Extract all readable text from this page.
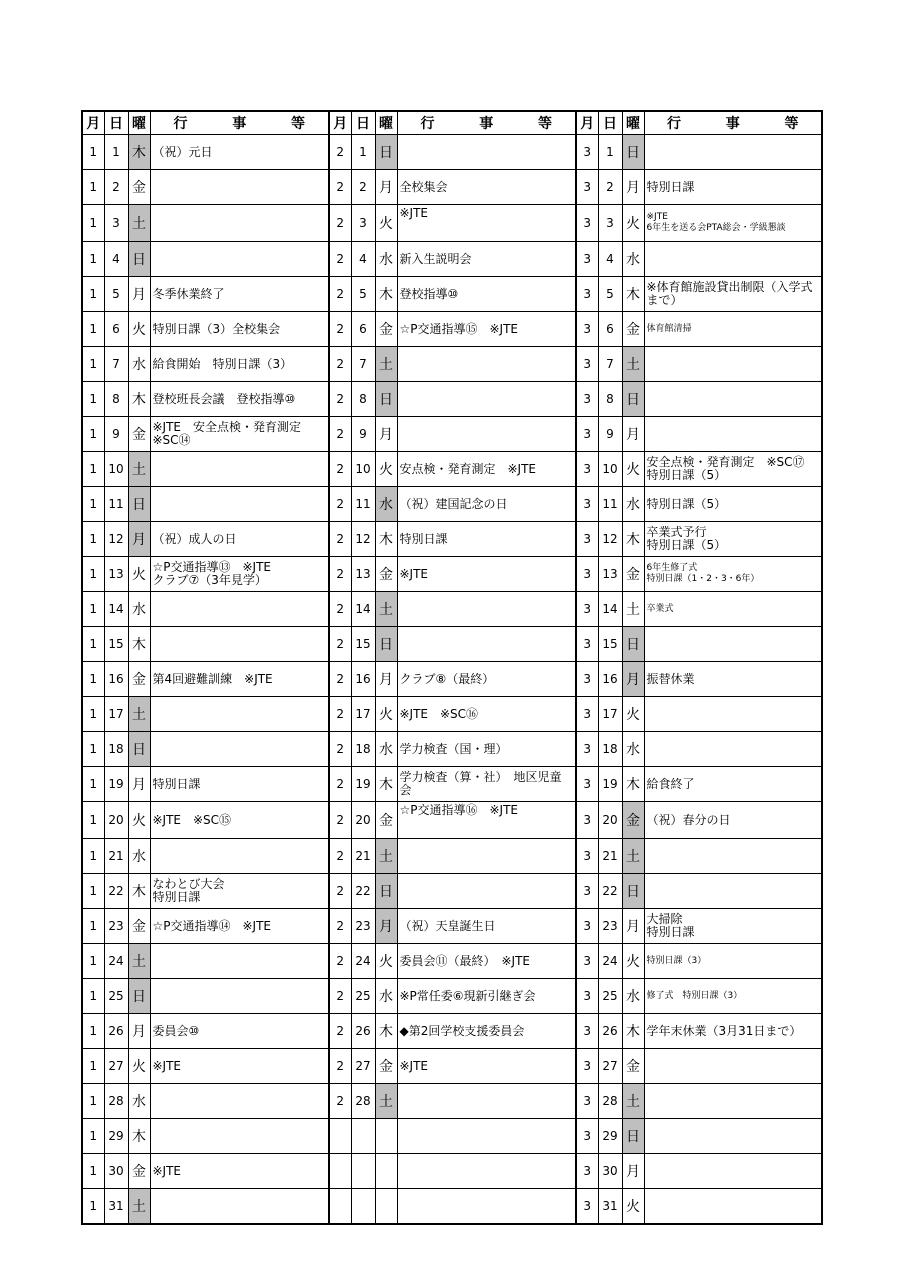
月	日	曜	行　事　等	月	日	曜	行　事　等	月	日	曜	行　事　等
1	1	木	（祝）元日	2	1	日		3	1	日	

1	2	金		2	2	月	全校集会	3	2	月	特別日課

1	3	土		2	3	火	※JTE	3	3	火	※JTE
6年生を送る会PTA総会・学級懇談

1	4	日		2	4	水	新入生説明会	3	4	水	

1	5	月	冬季休業終了	2	5	木	登校指導⑩	3	5	木	※体育館施設貸出制限（入学式
まで）

1	6	火	特別日課（3）全校集会	2	6	金	☆P交通指導⑮　※JTE	3	6	金	体育館清掃

1	7	水	給食開始　特別日課（3）	2	7	土		3	7	土	

1	8	木	登校班長会議　登校指導⑩	2	8	日		3	8	日	

1	9	金	※JTE　安全点検・発育測定
※SC⑭	2	9	月		3	9	月	

1	10	土		2	10	火	安点検・発育測定　※JTE	3	10	火	安全点検・発育測定　※SC⑰
特別日課（5）

1	11	日		2	11	水	（祝）建国記念の日	3	11	水	特別日課（5）

1	12	月	（祝）成人の日	2	12	木	特別日課	3	12	木	卒業式予行
特別日課（5）

1	13	火	☆P交通指導⑬　※JTE
クラブ⑦（3年見学）	2	13	金	※JTE	3	13	金	6年生修了式
特別日課（1・2・3・6年）

1	14	水		2	14	土		3	14	土	卒業式

1	15	木		2	15	日		3	15	日	

1	16	金	第4回避難訓練　※JTE	2	16	月	クラブ⑧（最終）	3	16	月	振替休業

1	17	土		2	17	火	※JTE　※SC⑯	3	17	火	

1	18	日		2	18	水	学力検査（国・理）	3	18	水	

1	19	月	特別日課	2	19	木	学力検査（算・社）　地区児童
会	3	19	木	給食終了

1	20	火	※JTE　※SC⑮	2	20	金	☆P交通指導⑯　※JTE	3	20	金	（祝）春分の日

1	21	水		2	21	土		3	21	土	

1	22	木	なわとび大会
特別日課	2	22	日		3	22	日	

1	23	金	☆P交通指導⑭　※JTE	2	23	月	（祝）天皇誕生日	3	23	月	大掃除
特別日課

1	24	土		2	24	火	委員会⑪（最終）　※JTE	3	24	火	特別日課（3）

1	25	日		2	25	水	※P常任委⑥現新引継ぎ会	3	25	水	修了式　特別日課（3）

1	26	月	委員会⑩	2	26	木	◆第2回学校支援委員会	3	26	木	学年末休業（3月31日まで）

1	27	火	※JTE	2	27	金	※JTE	3	27	金	

1	28	水		2	28	土		3	28	土	

1	29	木						3	29	日	

1	30	金	※JTE					3	30	月	

1	31	土						3	31	火	
